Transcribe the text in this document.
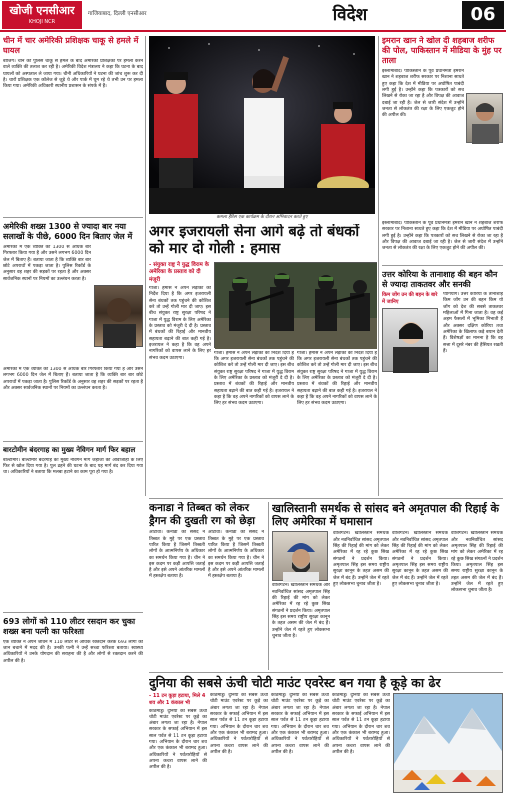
खोजी एनसीआर
KHOJI NCR
गाजियाबाद, दिल्ली एनसीआर	विदेश	06
चीन में चार अमेरिकी प्रशिक्षक चाकू से हमले में घायल
बीजिंग। चीन की पुलिस चाकू से हमले के बाद अमेरिकी प्रशिक्षकों पर हमला करने वाले व्यक्ति की तलाश कर रही है। अमेरिकी विदेश मंत्रालय ने कहा कि घटना के बाद घायलों को अस्पताल ले जाया गया। चीनी अधिकारियों ने घटना की जांच शुरू कर दी है। चारों प्रशिक्षक एक कॉलेज से जुड़े थे और पार्क में घूम रहे थे तभी उन पर हमला किया गया। अमेरिकी अधिकारी स्थानीय प्रशासन के संपर्क में हैं।
अमेरिकी शख्स 1300 से ज्यादा बार नया सलाखों के पीछे, 6000 दिन बिताए जेल में
अमेरिका में एक व्यक्ति को 1300 से अधिक बार गिरफ्तार किया गया है और उसने लगभग 6000 दिन जेल में बिताए हैं। बताया जाता है कि व्यक्ति बार बार छोटे अपराधों में पकड़ा जाता है। पुलिस रिकॉर्ड के अनुसार वह शहर की सड़कों पर रहता है और अक्सर सार्वजनिक स्थानों पर नियमों का उल्लंघन करता है।
अमेरिका में एक व्यक्ति को 1300 से अधिक बार गिरफ्तार किया गया है और उसने लगभग 6000 दिन जेल में बिताए हैं। बताया जाता है कि व्यक्ति बार बार छोटे अपराधों में पकड़ा जाता है। पुलिस रिकॉर्ड के अनुसार वह शहर की सड़कों पर रहता है और अक्सर सार्वजनिक स्थानों पर नियमों का उल्लंघन करता है।
बारटोमीन बंदरगाह का मुख्य नेविगन मार्ग फिर बहाल
बाल्टीमोर। बाल्टीमोर बंदरगाह का मुख्य नेविगन मार्ग जहाजों की आवाजाही के लिए फिर से खोल दिया गया है। पुल ढहने की घटना के बाद यह मार्ग बंद कर दिया गया था। अधिकारियों ने बताया कि मलबा हटाने का काम पूरा हो गया है।
693 लोगों को 110 लीटर रसदान कर चुका शख्स बना पत्नी का फरिश्ता
एक व्यक्ति ने अपने जीवन में 110 लीटर से अधिक रक्तदान करके 693 लोगों की जान बचाने में मदद की है। उनकी पत्नी ने उन्हें सच्चा फरिश्ता बताया। स्वास्थ्य अधिकारियों ने उनके योगदान की सराहना की है और लोगों से रक्तदान करने की अपील की है।
कमला हैरिस एक कार्यक्रम के दौरान अभिवादन करते हुए
इमरान खान ने खोल दी शहबाज शरीफ की पोल, पाकिस्तान में मीडिया के मुंह पर ताला
इस्लामाबाद। पाकिस्तान के पूर्व प्रधानमंत्री इमरान खान ने शहबाज शरीफ सरकार पर निशाना साधते हुए कहा कि देश में मीडिया पर अघोषित पाबंदी लगी हुई है। उन्होंने कहा कि पत्रकारों को सच लिखने से रोका जा रहा है और विपक्ष की आवाज दबाई जा रही है। जेल से जारी संदेश में उन्होंने जनता से लोकतंत्र की रक्षा के लिए एकजुट होने की अपील की।
इस्लामाबाद। पाकिस्तान के पूर्व प्रधानमंत्री इमरान खान ने शहबाज शरीफ सरकार पर निशाना साधते हुए कहा कि देश में मीडिया पर अघोषित पाबंदी लगी हुई है। उन्होंने कहा कि पत्रकारों को सच लिखने से रोका जा रहा है और विपक्ष की आवाज दबाई जा रही है। जेल से जारी संदेश में उन्होंने जनता से लोकतंत्र की रक्षा के लिए एकजुट होने की अपील की।
उत्तर कोरिया के तानाशाह की बहन कौन से ज्यादा ताकतवर और सनकी
किम जोंग उन की बहन के बारे में जानिए
प्योंगयांग। उत्तर कोरिया के तानाशाह किम जोंग उन की बहन किम यो जोंग को देश की सबसे ताकतवर महिलाओं में गिना जाता है। वह कई अहम फैसलों में भूमिका निभाती हैं और अक्सर दक्षिण कोरिया तथा अमेरिका के खिलाफ कड़े बयान देती हैं। विशेषज्ञों का मानना है कि वह सत्ता में दूसरे नंबर की हैसियत रखती हैं।
अगर इजरायली सेना आगे बढ़े तो बंधकों को मार दो गोली : हमास
- संयुक्त राष्ट्र ने युद्ध विराम के अमेरिका के प्रस्ताव को दी मंजूरी
गाजा। हमास ने अपने लड़ाकों को निर्देश दिया है कि अगर इजरायली सेना बंधकों तक पहुंचने की कोशिश करे तो उन्हें गोली मार दी जाए। इस बीच संयुक्त राष्ट्र सुरक्षा परिषद ने गाजा में युद्ध विराम के लिए अमेरिका के प्रस्ताव को मंजूरी दे दी है। प्रस्ताव में बंधकों की रिहाई और मानवीय सहायता बढ़ाने की बात कही गई है। इजरायल ने कहा है कि वह अपने नागरिकों को वापस लाने के लिए हर संभव कदम उठाएगा।
गाजा। हमास ने अपने लड़ाकों को निर्देश दिया है कि अगर इजरायली सेना बंधकों तक पहुंचने की कोशिश करे तो उन्हें गोली मार दी जाए। इस बीच संयुक्त राष्ट्र सुरक्षा परिषद ने गाजा में युद्ध विराम के लिए अमेरिका के प्रस्ताव को मंजूरी दे दी है। प्रस्ताव में बंधकों की रिहाई और मानवीय सहायता बढ़ाने की बात कही गई है। इजरायल ने कहा है कि वह अपने नागरिकों को वापस लाने के लिए हर संभव कदम उठाएगा।
गाजा। हमास ने अपने लड़ाकों को निर्देश दिया है कि अगर इजरायली सेना बंधकों तक पहुंचने की कोशिश करे तो उन्हें गोली मार दी जाए। इस बीच संयुक्त राष्ट्र सुरक्षा परिषद ने गाजा में युद्ध विराम के लिए अमेरिका के प्रस्ताव को मंजूरी दे दी है। प्रस्ताव में बंधकों की रिहाई और मानवीय सहायता बढ़ाने की बात कही गई है। इजरायल ने कहा है कि वह अपने नागरिकों को वापस लाने के लिए हर संभव कदम उठाएगा।
कनाडा ने तिब्बत को लेकर ड्रैगन की दुखती रग को छेड़ा
ओटावा। कनाडा की संसद ने तिब्बत के मुद्दे पर एक प्रस्ताव पारित किया है जिसमें तिब्बती लोगों के आत्मनिर्णय के अधिकार का समर्थन किया गया है। चीन ने इस कदम पर कड़ी आपत्ति जताई है और इसे अपने आंतरिक मामलों में हस्तक्षेप बताया है।
ओटावा। कनाडा की संसद ने तिब्बत के मुद्दे पर एक प्रस्ताव पारित किया है जिसमें तिब्बती लोगों के आत्मनिर्णय के अधिकार का समर्थन किया गया है। चीन ने इस कदम पर कड़ी आपत्ति जताई है और इसे अपने आंतरिक मामलों में हस्तक्षेप बताया है।
खालिस्तानी समर्थक से सांसद बने अमृतपाल की रिहाई के लिए अमेरिका में घमासान
वाशिंगटन। खालिस्तान समर्थक और नवनिर्वाचित सांसद अमृतपाल सिंह की रिहाई की मांग को लेकर अमेरिका में रह रहे कुछ सिख संगठनों ने प्रदर्शन किया। अमृतपाल सिंह इस समय राष्ट्रीय सुरक्षा कानून के तहत असम की जेल में बंद हैं। उन्होंने जेल में रहते हुए लोकसभा चुनाव जीता है।
वाशिंगटन। खालिस्तान समर्थक और नवनिर्वाचित सांसद अमृतपाल सिंह की रिहाई की मांग को लेकर अमेरिका में रह रहे कुछ सिख संगठनों ने प्रदर्शन किया। अमृतपाल सिंह इस समय राष्ट्रीय सुरक्षा कानून के तहत असम की जेल में बंद हैं। उन्होंने जेल में रहते हुए लोकसभा चुनाव जीता है।
वाशिंगटन। खालिस्तान समर्थक और नवनिर्वाचित सांसद अमृतपाल सिंह की रिहाई की मांग को लेकर अमेरिका में रह रहे कुछ सिख संगठनों ने प्रदर्शन किया। अमृतपाल सिंह इस समय राष्ट्रीय सुरक्षा कानून के तहत असम की जेल में बंद हैं। उन्होंने जेल में रहते हुए लोकसभा चुनाव जीता है।
वाशिंगटन। खालिस्तान समर्थक और नवनिर्वाचित सांसद अमृतपाल सिंह की रिहाई की मांग को लेकर अमेरिका में रह रहे कुछ सिख संगठनों ने प्रदर्शन किया। अमृतपाल सिंह इस समय राष्ट्रीय सुरक्षा कानून के तहत असम की जेल में बंद हैं। उन्होंने जेल में रहते हुए लोकसभा चुनाव जीता है।
दुनिया की सबसे ऊंची चोटी माउंट एवरेस्ट बन गया है कूड़े का ढेर
- 11 टन कूड़ा हटाया, मिले 4 शव और 1 कंकाल भी
काठमांडू। दुनिया की सबसे ऊंची चोटी माउंट एवरेस्ट पर कूड़े का अंबार लगता जा रहा है। नेपाल सरकार के सफाई अभियान में इस साल पर्वत से 11 टन कूड़ा हटाया गया। अभियान के दौरान चार शव और एक कंकाल भी बरामद हुआ। अधिकारियों ने पर्वतारोहियों से अपना कचरा वापस लाने की अपील की है।
काठमांडू। दुनिया की सबसे ऊंची चोटी माउंट एवरेस्ट पर कूड़े का अंबार लगता जा रहा है। नेपाल सरकार के सफाई अभियान में इस साल पर्वत से 11 टन कूड़ा हटाया गया। अभियान के दौरान चार शव और एक कंकाल भी बरामद हुआ। अधिकारियों ने पर्वतारोहियों से अपना कचरा वापस लाने की अपील की है।
काठमांडू। दुनिया की सबसे ऊंची चोटी माउंट एवरेस्ट पर कूड़े का अंबार लगता जा रहा है। नेपाल सरकार के सफाई अभियान में इस साल पर्वत से 11 टन कूड़ा हटाया गया। अभियान के दौरान चार शव और एक कंकाल भी बरामद हुआ। अधिकारियों ने पर्वतारोहियों से अपना कचरा वापस लाने की अपील की है।
काठमांडू। दुनिया की सबसे ऊंची चोटी माउंट एवरेस्ट पर कूड़े का अंबार लगता जा रहा है। नेपाल सरकार के सफाई अभियान में इस साल पर्वत से 11 टन कूड़ा हटाया गया। अभियान के दौरान चार शव और एक कंकाल भी बरामद हुआ। अधिकारियों ने पर्वतारोहियों से अपना कचरा वापस लाने की अपील की है।
